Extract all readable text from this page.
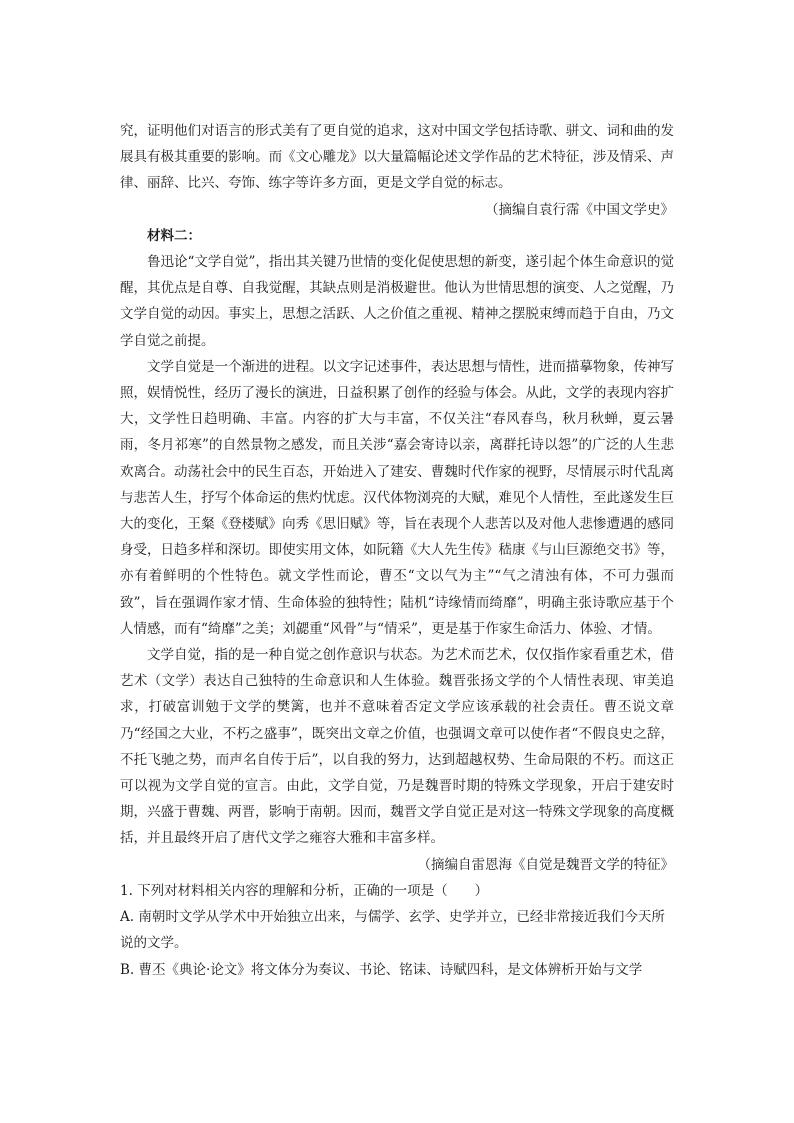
究，证明他们对语言的形式美有了更自觉的追求，这对中国文学包括诗歌、骈文、词和曲的发展具有极其重要的影响。而《文心雕龙》以大量篇幅论述文学作品的艺术特征，涉及情采、声律、丽辞、比兴、夸饰、练字等许多方面，更是文学自觉的标志。

（摘编自袁行霈《中国文学史》

材料二：

鲁迅论“文学自觉”，指出其关键乃世情的变化促使思想的新变，遂引起个体生命意识的觉醒，其优点是自尊、自我觉醒，其缺点则是消极避世。他认为世情思想的演变、人之觉醒，乃文学自觉的动因。事实上，思想之活跃、人之价值之重视、精神之摆脱束缚而趋于自由，乃文学自觉之前提。

文学自觉是一个渐进的进程。以文字记述事件，表达思想与情性，进而描摹物象，传神写照，娱情悦性，经历了漫长的演进，日益积累了创作的经验与体会。从此，文学的表现内容扩大，文学性日趋明确、丰富。内容的扩大与丰富，不仅关注“春风春鸟，秋月秋蝉，夏云暑雨，冬月祁寒”的自然景物之感发，而且关涉“嘉会寄诗以亲，离群托诗以怨”的广泛的人生悲欢离合。动荡社会中的民生百态，开始进入了建安、曹魏时代作家的视野，尽情展示时代乱离与悲苦人生，抒写个体命运的焦灼忧虑。汉代体物浏亮的大赋，难见个人情性，至此遂发生巨大的变化，王粲《登楼赋》向秀《思旧赋》等，旨在表现个人悲苦以及对他人悲惨遭遇的感同身受，日趋多样和深切。即使实用文体，如阮籍《大人先生传》嵇康《与山巨源绝交书》等，亦有着鲜明的个性特色。就文学性而论，曹丕“文以气为主”“气之清浊有体，不可力强而致”，旨在强调作家才情、生命体验的独特性；陆机“诗缘情而绮靡”，明确主张诗歌应基于个人情感，而有“绮靡”之美；刘勰重“风骨”与“情采”，更是基于作家生命活力、体验、才情。

文学自觉，指的是一种自觉之创作意识与状态。为艺术而艺术，仅仅指作家看重艺术，借艺术（文学）表达自己独特的生命意识和人生体验。魏晋张扬文学的个人情性表现、审美追求，打破富训勉于文学的樊篱，也并不意味着否定文学应该承载的社会责任。曹丕说文章乃“经国之大业，不朽之盛事”，既突出文章之价值，也强调文章可以使作者“不假良史之辞，不托飞驰之势，而声名自传于后”，以自我的努力，达到超越权势、生命局限的不朽。而这正可以视为文学自觉的宣言。由此，文学自觉，乃是魏晋时期的特殊文学现象，开启于建安时期，兴盛于曹魏、两晋，影响于南朝。因而，魏晋文学自觉正是对这一特殊文学现象的高度概括，并且最终开启了唐代文学之雍容大雅和丰富多样。

（摘编自雷恩海《自觉是魏晋文学的特征》

1. 下列对材料相关内容的理解和分析，正确的一项是（　　）

A. 南朝时文学从学术中开始独立出来，与儒学、玄学、史学并立，已经非常接近我们今天所说的文学。

B. 曹丕《典论·论文》将文体分为奏议、书论、铭诔、诗赋四科，是文体辨析开始与文学
